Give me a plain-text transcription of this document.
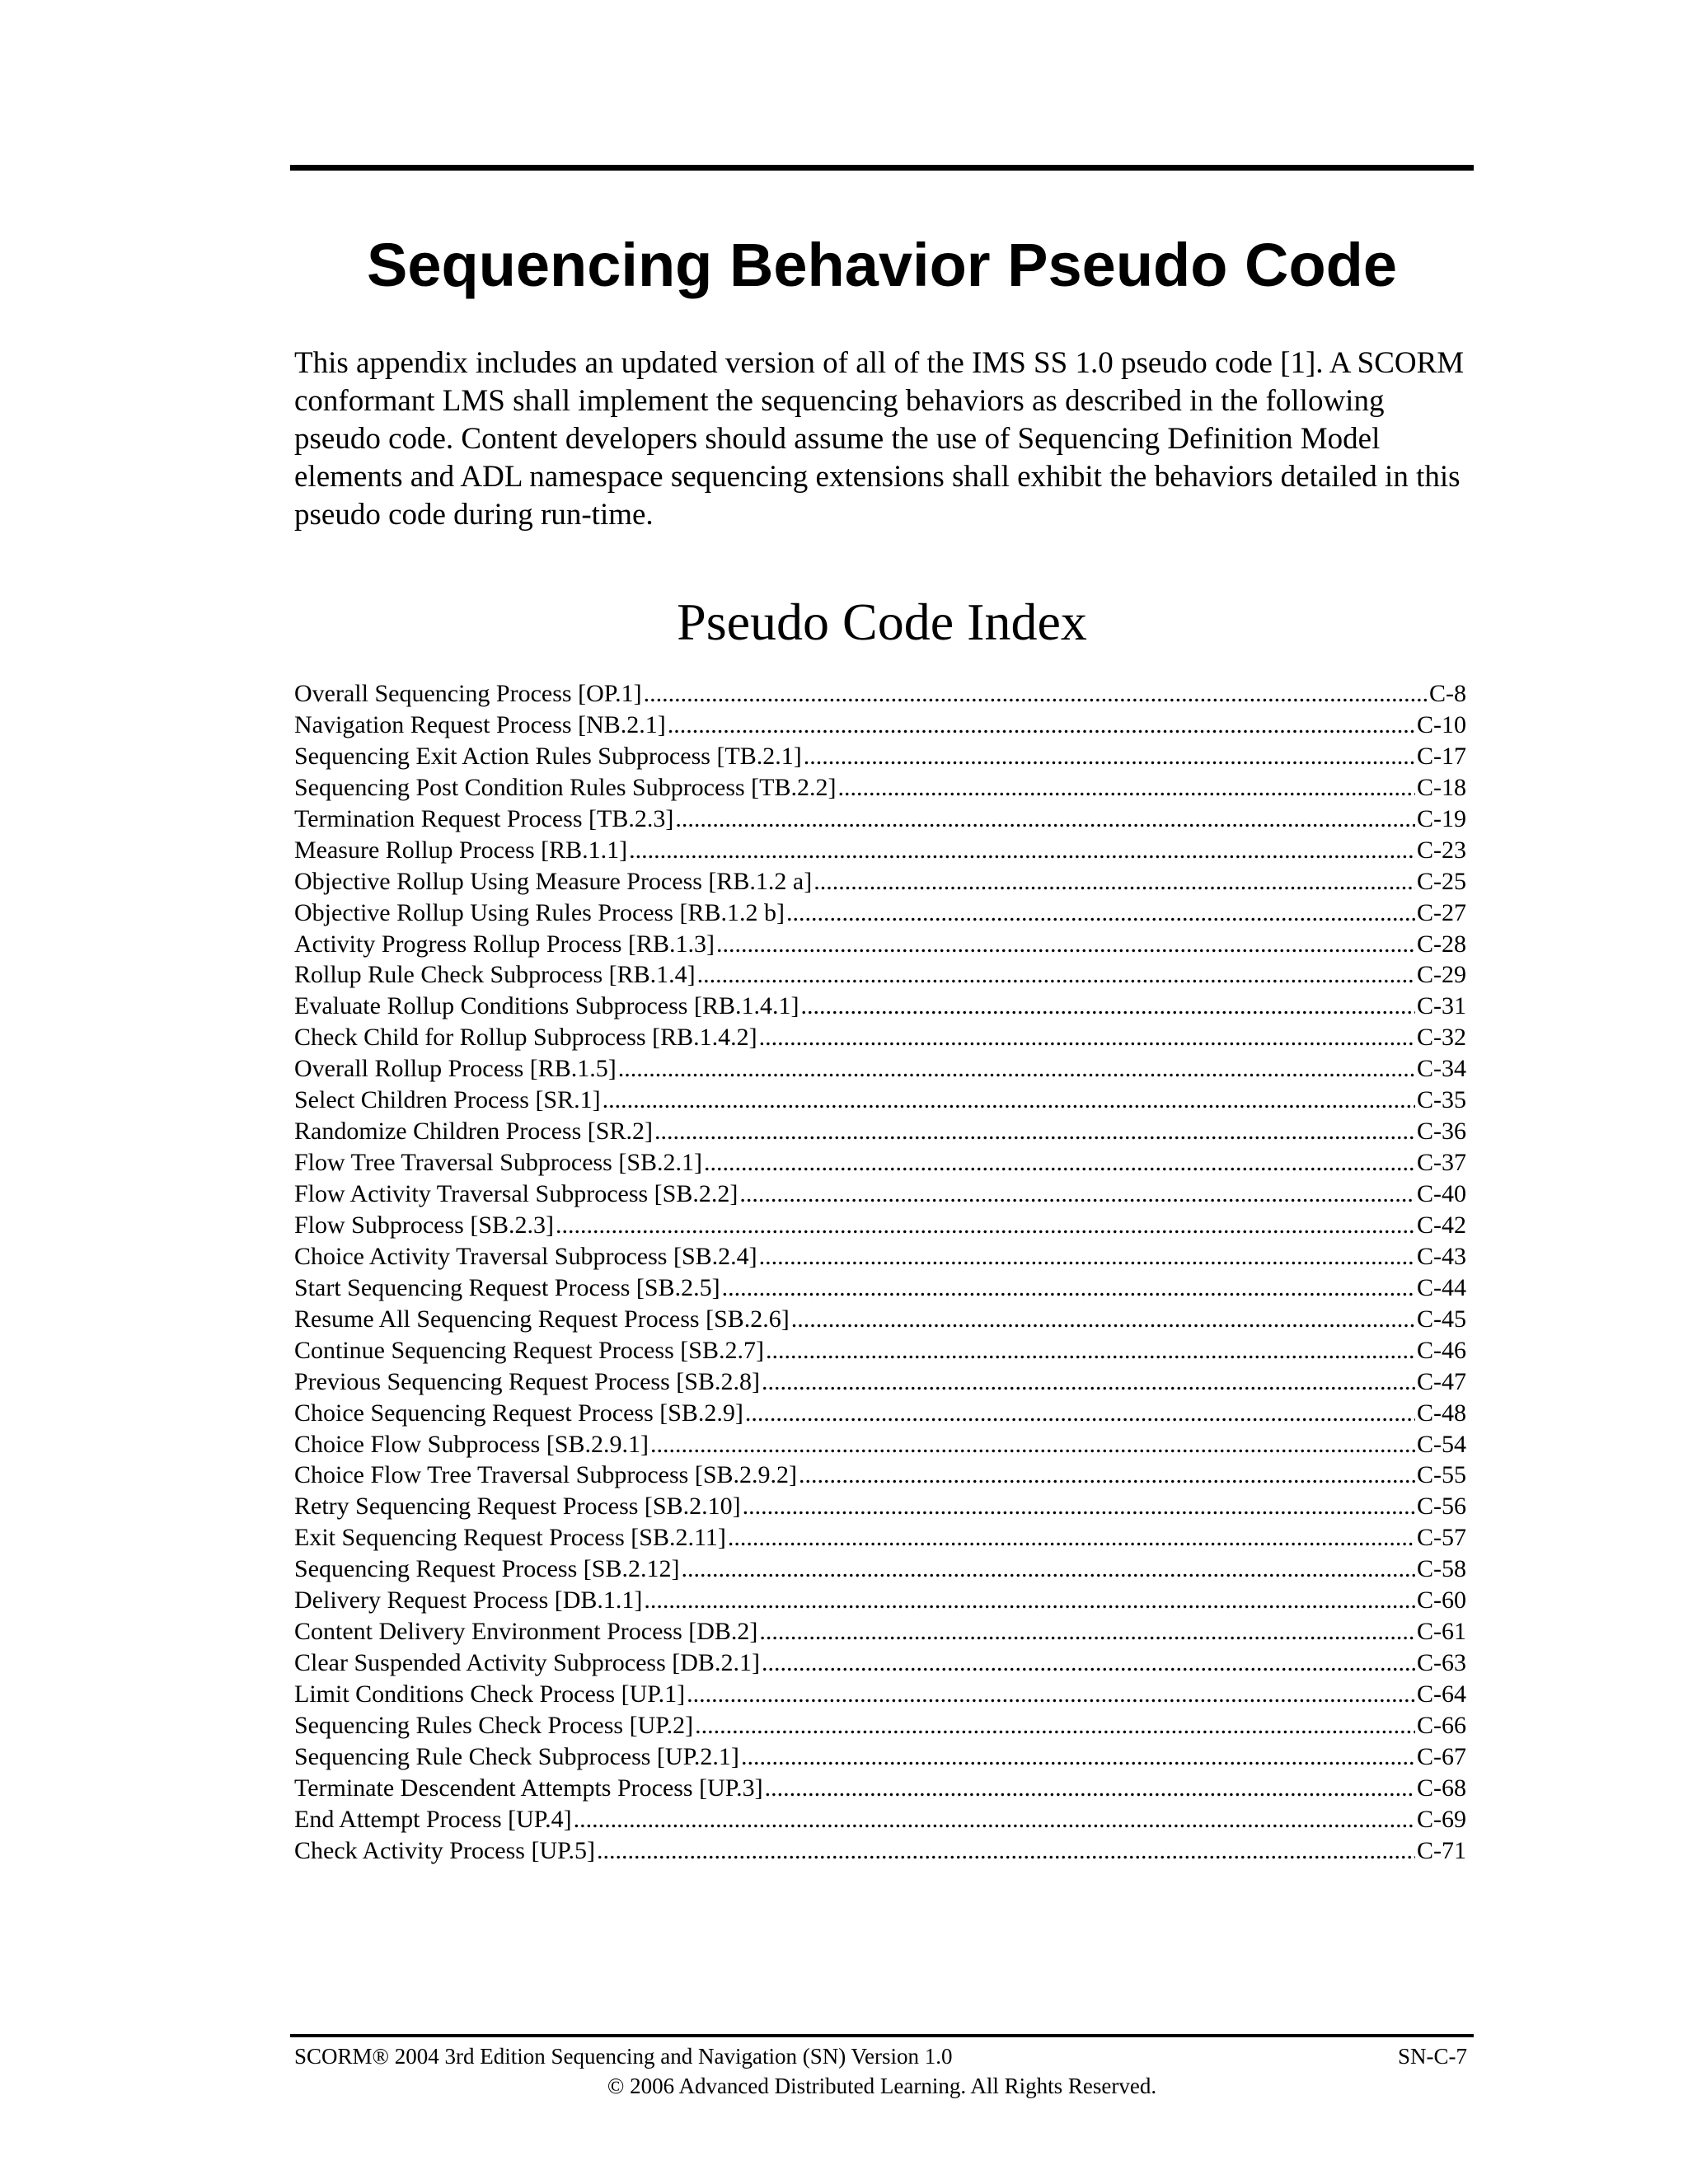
Sequencing Behavior Pseudo Code

This appendix includes an updated version of all of the IMS SS 1.0 pseudo code [1]. A SCORM conformant LMS shall implement the sequencing behaviors as described in the following pseudo code. Content developers should assume the use of Sequencing Definition Model elements and ADL namespace sequencing extensions shall exhibit the behaviors detailed in this pseudo code during run-time.

Pseudo Code Index
Overall Sequencing Process [OP.1] .....	C-8
Navigation Request Process [NB.2.1] .....	C-10
Sequencing Exit Action Rules Subprocess [TB.2.1] .....	C-17
Sequencing Post Condition Rules Subprocess [TB.2.2] .....	C-18
Termination Request Process [TB.2.3] .....	C-19
Measure Rollup Process [RB.1.1] .....	C-23
Objective Rollup Using Measure Process [RB.1.2 a] .....	C-25
Objective Rollup Using Rules Process [RB.1.2 b] .....	C-27
Activity Progress Rollup Process [RB.1.3] .....	C-28
Rollup Rule Check Subprocess [RB.1.4] .....	C-29
Evaluate Rollup Conditions Subprocess [RB.1.4.1] .....	C-31
Check Child for Rollup Subprocess [RB.1.4.2] .....	C-32
Overall Rollup Process [RB.1.5] .....	C-34
Select Children Process [SR.1] .....	C-35
Randomize Children Process [SR.2] .....	C-36
Flow Tree Traversal Subprocess [SB.2.1] .....	C-37
Flow Activity Traversal Subprocess [SB.2.2] .....	C-40
Flow Subprocess [SB.2.3] .....	C-42
Choice Activity Traversal Subprocess [SB.2.4] .....	C-43
Start Sequencing Request Process [SB.2.5] .....	C-44
Resume All Sequencing Request Process [SB.2.6] .....	C-45
Continue Sequencing Request Process [SB.2.7] .....	C-46
Previous Sequencing Request Process [SB.2.8] .....	C-47
Choice Sequencing Request Process [SB.2.9] .....	C-48
Choice Flow Subprocess [SB.2.9.1] .....	C-54
Choice Flow Tree Traversal Subprocess [SB.2.9.2] .....	C-55
Retry Sequencing Request Process [SB.2.10] .....	C-56
Exit Sequencing Request Process [SB.2.11] .....	C-57
Sequencing Request Process [SB.2.12] .....	C-58
Delivery Request Process [DB.1.1] .....	C-60
Content Delivery Environment Process [DB.2] .....	C-61
Clear Suspended Activity Subprocess [DB.2.1] .....	C-63
Limit Conditions Check Process [UP.1] .....	C-64
Sequencing Rules Check Process [UP.2] .....	C-66
Sequencing Rule Check Subprocess [UP.2.1] .....	C-67
Terminate Descendent Attempts Process [UP.3] .....	C-68
End Attempt Process [UP.4] .....	C-69
Check Activity Process [UP.5] .....	C-71
SCORM® 2004 3rd Edition Sequencing and Navigation (SN) Version 1.0	SN-C-7
© 2006 Advanced Distributed Learning. All Rights Reserved.
